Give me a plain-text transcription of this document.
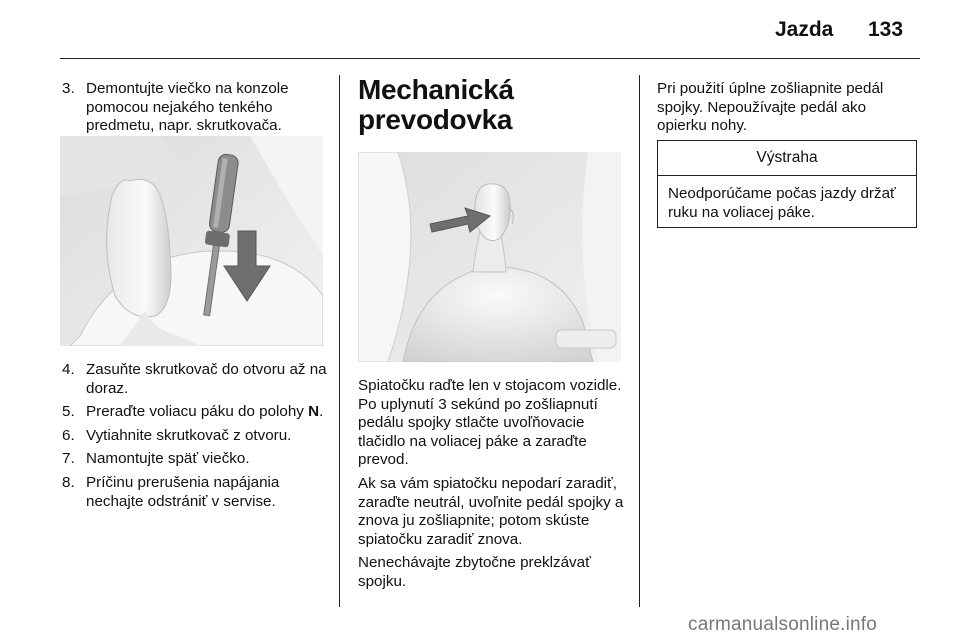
Jazda 133

3. Demontujte viečko na konzole pomocou nejakého tenkého predmetu, napr. skrutkovača.

4. Zasuňte skrutkovač do otvoru až na doraz.

5. Preraďte voliacu páku do polohy N.

6. Vytiahnite skrutkovač z otvoru.

7. Namontujte späť viečko.

8. Príčinu prerušenia napájania nechajte odstrániť v servise.

Mechanická
prevodovka

Spiatočku raďte len v stojacom vozidle. Po uplynutí 3 sekúnd po zošliapnutí pedálu spojky stlačte uvoľňovacie tlačidlo na voliacej páke a zaraďte prevod.

Ak sa vám spiatočku nepodarí zaradiť, zaraďte neutrál, uvoľnite pedál spojky a znova ju zošliapnite; potom skúste spiatočku zaradiť znova.

Nenechávajte zbytočne preklzávať spojku.

Pri použití úplne zošliapnite pedál spojky. Nepoužívajte pedál ako opierku nohy.

Výstraha
Neodporúčame počas jazdy držať ruku na voliacej páke.
carmanualsonline.info
